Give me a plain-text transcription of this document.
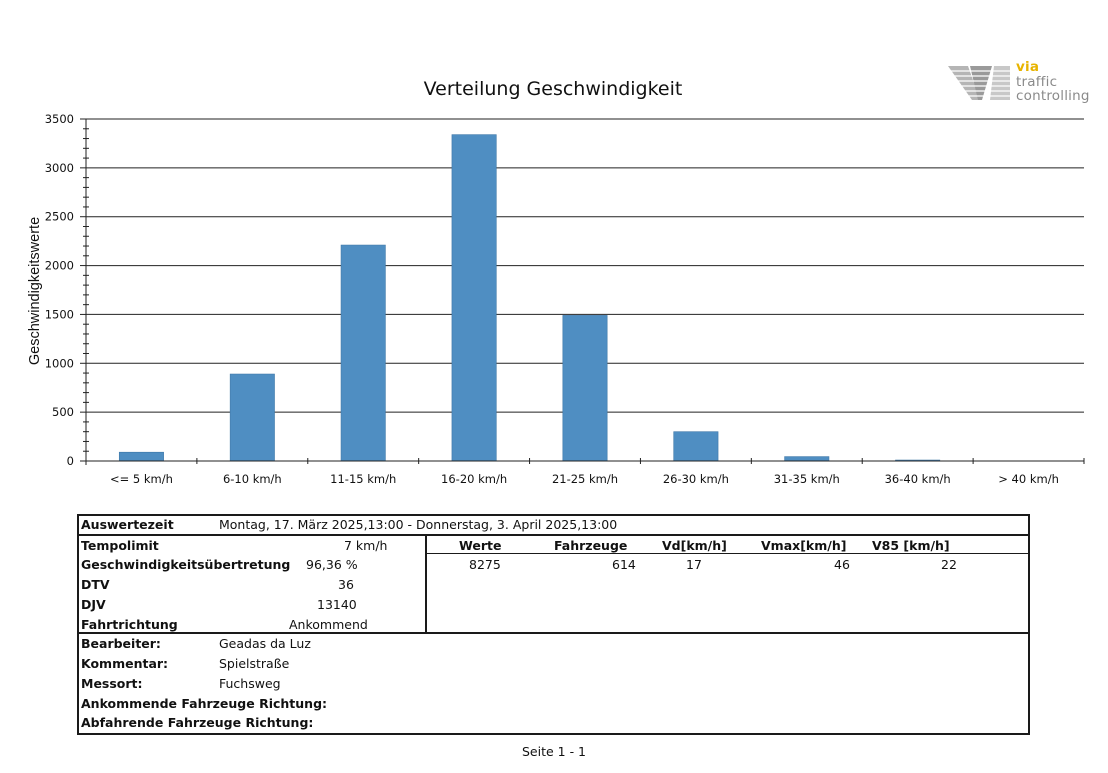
via
traffic
controlling
Verteilung Geschwindigkeit
Geschwindigkeitswerte
0
500
1000
1500
2000
2500
3000
3500
<= 5 km/h	6-10 km/h	11-15 km/h	16-20 km/h	21-25 km/h	26-30 km/h	31-35 km/h	36-40 km/h	> 40 km/h
Auswertezeit	Montag, 17. März 2025,13:00 - Donnerstag, 3. April 2025,13:00
Tempolimit	7 km/h
Geschwindigkeitsübertretung 96,36 %
DTV	36
DJV	13140
Fahrtrichtung	Ankommend
Werte	Fahrzeuge	Vd[km/h]	Vmax[km/h] V85 [km/h]
8275	614	17	46	22
Bearbeiter:	Geadas da Luz
Kommentar:	Spielstraße
Messort:	Fuchsweg
Ankommende Fahrzeuge Richtung:
Abfahrende Fahrzeuge Richtung:
Seite 1 - 1
